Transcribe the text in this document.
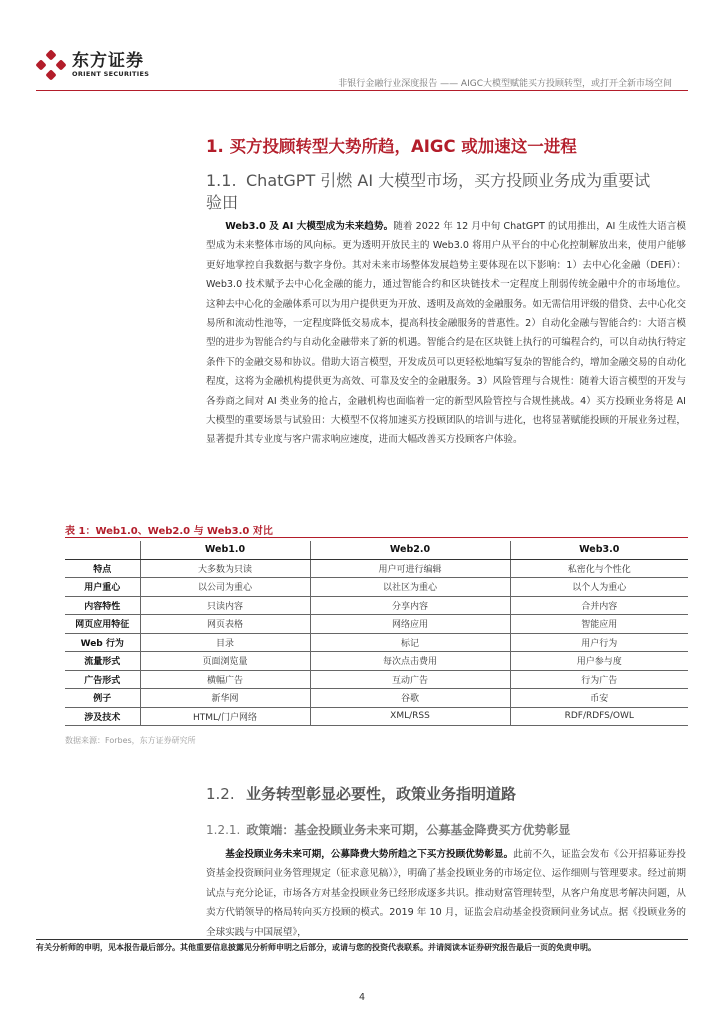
东方证券
ORIENT SECURITIES
非银行金融行业深度报告 —— AIGC大模型赋能买方投顾转型，或打开全新市场空间
1. 买方投顾转型大势所趋，AIGC 或加速这一进程
1.1. ChatGPT 引燃 AI 大模型市场，买方投顾业务成为重要试验田

Web3.0 及 AI 大模型成为未来趋势。随着 2022 年 12 月中旬 ChatGPT 的试用推出，AI 生成性大语言模型成为未来整体市场的风向标。更为透明开放民主的 Web3.0 将用户从平台的中心化控制解放出来，使用户能够更好地掌控自我数据与数字身份。其对未来市场整体发展趋势主要体现在以下影响：1）去中心化金融（DEFi）：Web3.0 技术赋予去中心化金融的能力，通过智能合约和区块链技术一定程度上削弱传统金融中介的市场地位。这种去中心化的金融体系可以为用户提供更为开放、透明及高效的金融服务。如无需信用评级的借贷、去中心化交易所和流动性池等，一定程度降低交易成本，提高科技金融服务的普惠性。2）自动化金融与智能合约：大语言模型的进步为智能合约与自动化金融带来了新的机遇。智能合约是在区块链上执行的可编程合约，可以自动执行特定条件下的金融交易和协议。借助大语言模型，开发成员可以更轻松地编写复杂的智能合约，增加金融交易的自动化程度，这将为金融机构提供更为高效、可靠及安全的金融服务。3）风险管理与合规性：随着大语言模型的开发与各券商之间对 AI 类业务的抢占，金融机构也面临着一定的新型风险管控与合规性挑战。4）买方投顾业务将是 AI 大模型的重要场景与试验田：大模型不仅将加速买方投顾团队的培训与进化，也将显著赋能投顾的开展业务过程，显著提升其专业度与客户需求响应速度，进而大幅改善买方投顾客户体验。

表 1：Web1.0、Web2.0 与 Web3.0 对比
	Web1.0	Web2.0	Web3.0
特点	大多数为只读	用户可进行编辑	私密化与个性化
用户重心	以公司为重心	以社区为重心	以个人为重心
内容特性	只读内容	分享内容	合并内容
网页应用特征	网页表格	网络应用	智能应用
Web 行为	目录	标记	用户行为
流量形式	页面浏览量	每次点击费用	用户参与度
广告形式	横幅广告	互动广告	行为广告
例子	新华网	谷歌	币安
涉及技术	HTML/门户网络	XML/RSS	RDF/RDFS/OWL
数据来源：Forbes，东方证券研究所
1.2. 业务转型彰显必要性，政策业务指明道路
1.2.1. 政策端：基金投顾业务未来可期，公募基金降费买方优势彰显

基金投顾业务未来可期，公募降费大势所趋之下买方投顾优势彰显。此前不久，证监会发布《公开招募证券投资基金投资顾问业务管理规定（征求意见稿）》，明确了基金投顾业务的市场定位、运作细则与管理要求。经过前期试点与充分论证，市场各方对基金投顾业务已经形成逐多共识。推动财富管理转型，从客户角度思考解决问题，从卖方代销领导的格局转向买方投顾的模式。2019 年 10 月，证监会启动基金投资顾问业务试点。据《投顾业务的全球实践与中国展望》，

有关分析师的申明，见本报告最后部分。其他重要信息披露见分析师申明之后部分，或请与您的投资代表联系。并请阅读本证券研究报告最后一页的免责申明。
4
